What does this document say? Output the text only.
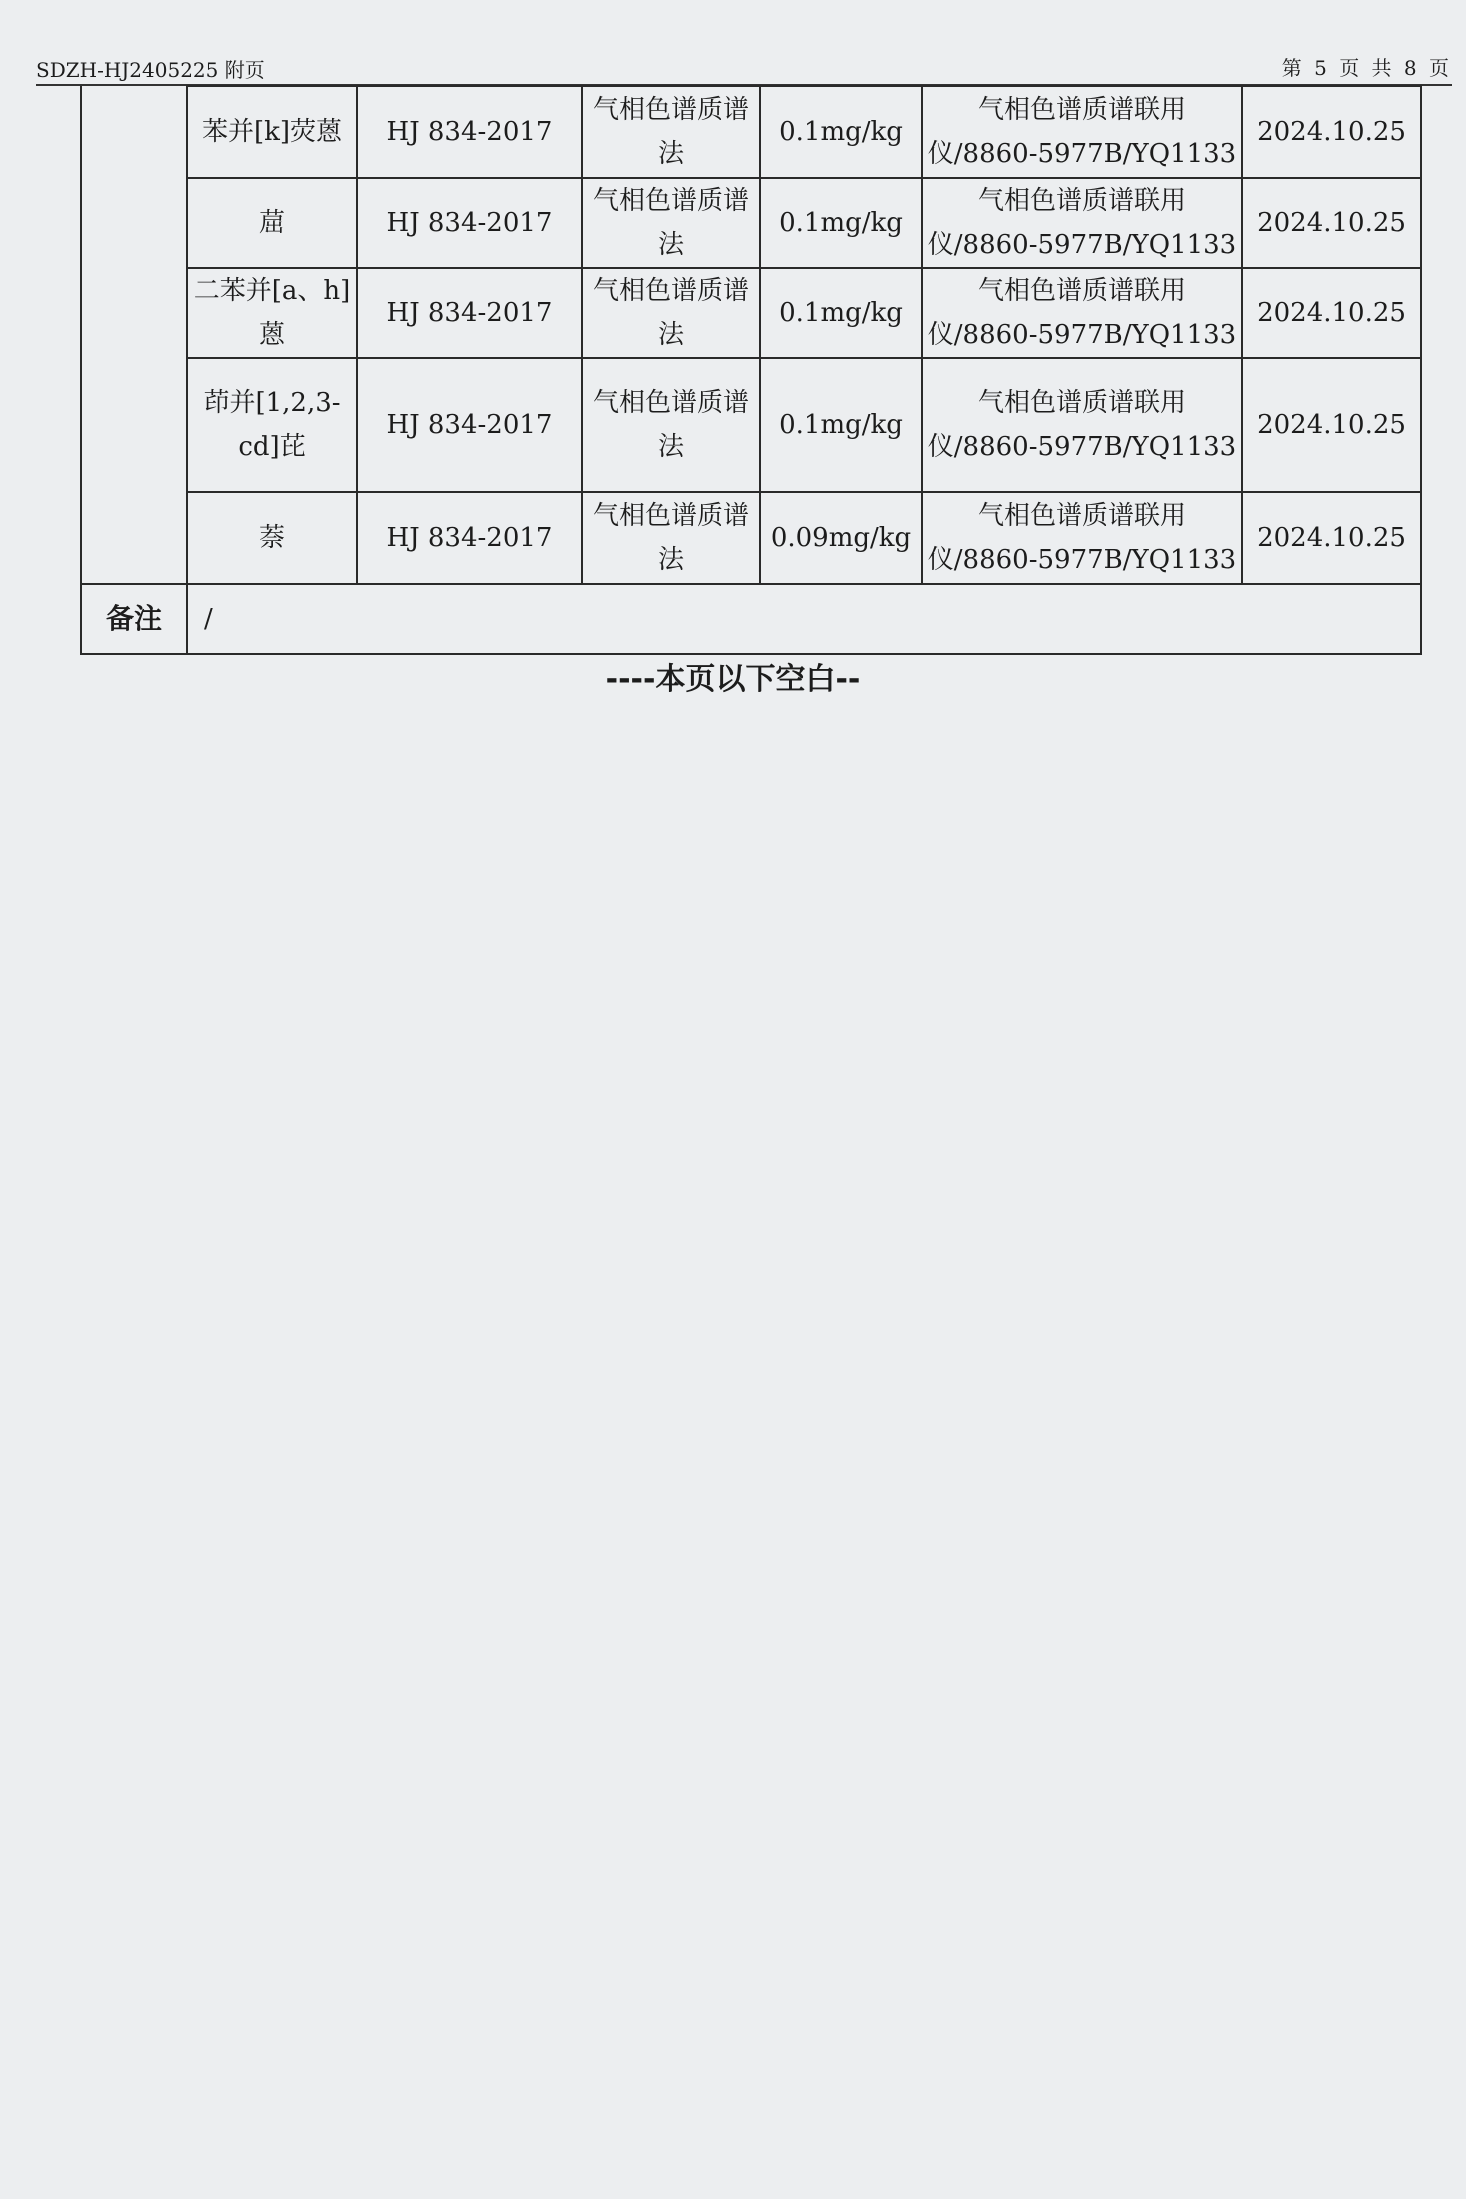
SDZH-HJ2405225 附页	第 5 页 共 8 页
	苯并[k]荧蒽	HJ 834-2017	气相色谱质谱法	0.1mg/kg	气相色谱质谱联用仪/8860-5977B/YQ1133	2024.10.25
	䓛	HJ 834-2017	气相色谱质谱法	0.1mg/kg	气相色谱质谱联用仪/8860-5977B/YQ1133	2024.10.25
	二苯并[a、h]蒽	HJ 834-2017	气相色谱质谱法	0.1mg/kg	气相色谱质谱联用仪/8860-5977B/YQ1133	2024.10.25
	茚并[1,2,3-cd]芘	HJ 834-2017	气相色谱质谱法	0.1mg/kg	气相色谱质谱联用仪/8860-5977B/YQ1133	2024.10.25
	萘	HJ 834-2017	气相色谱质谱法	0.09mg/kg	气相色谱质谱联用仪/8860-5977B/YQ1133	2024.10.25
备注	/					
----本页以下空白--
